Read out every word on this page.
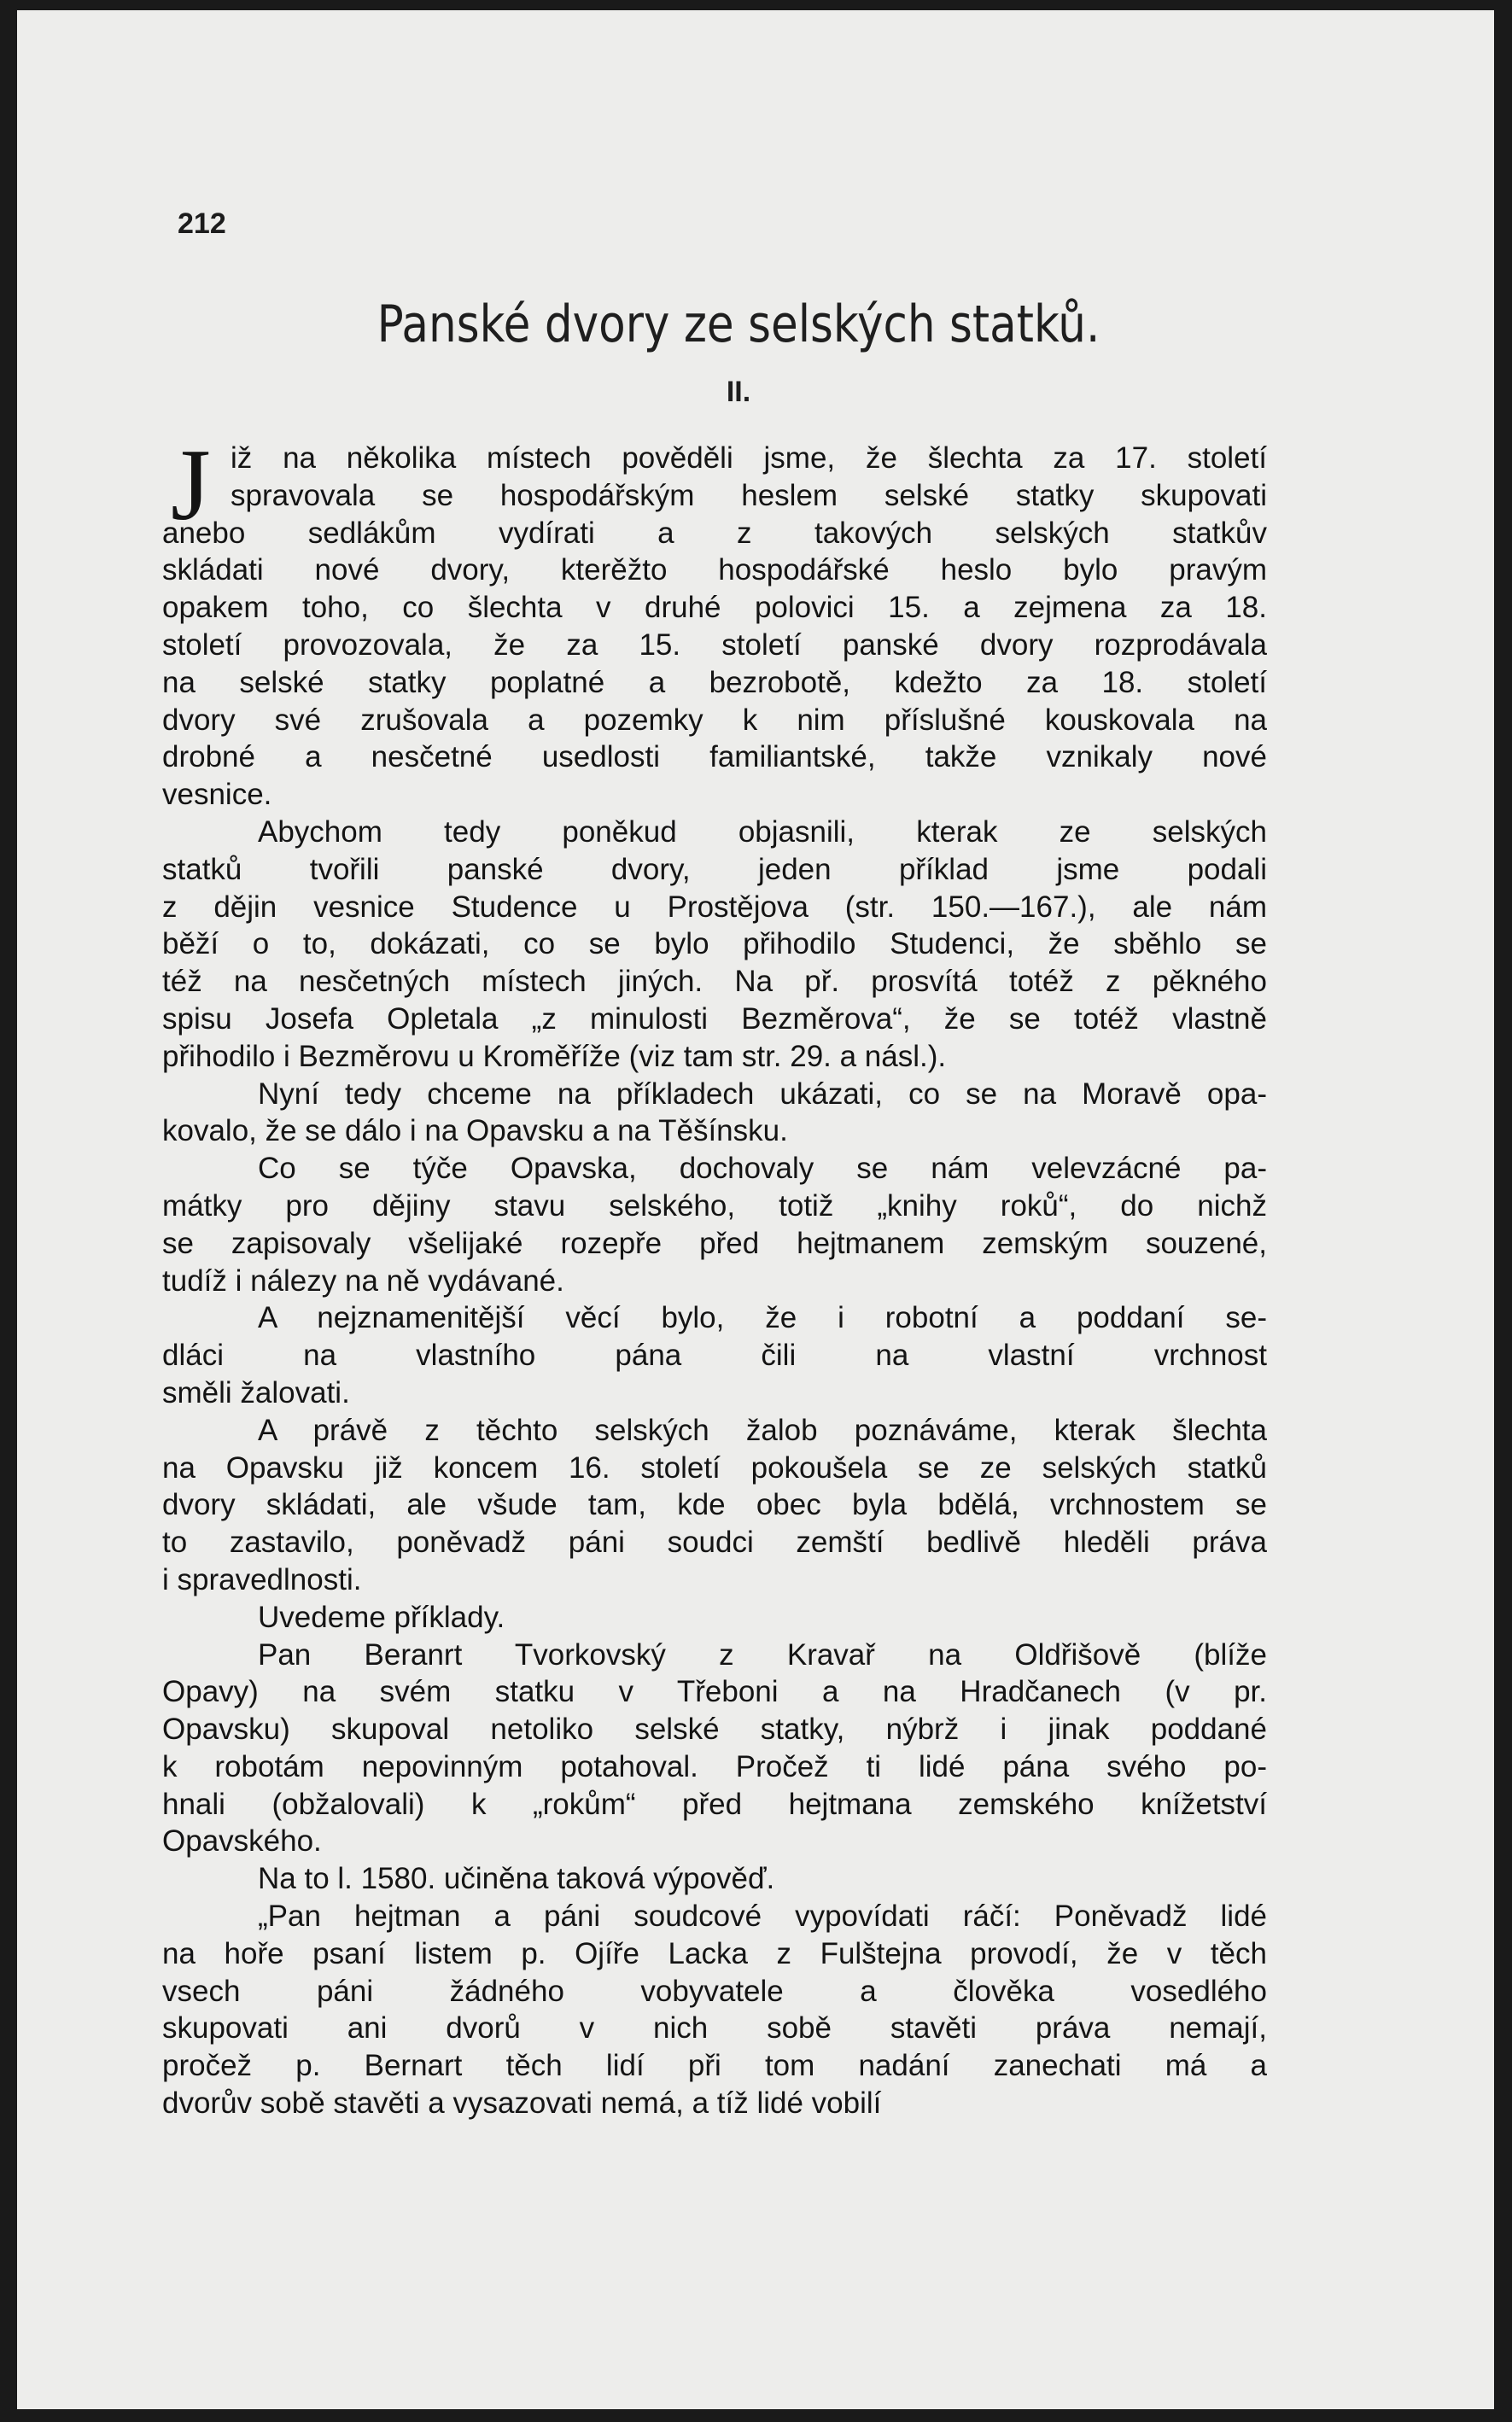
212
Panské dvory ze selských statků.
II.
J iž na několika místech pověděli jsme, že šlechta za 17. století
spravovala se hospodářským heslem selské statky skupovati
anebo sedlákům vydírati a z takových selských statkův
skládati nové dvory, kterěžto hospodářské heslo bylo pravým
opakem toho, co šlechta v druhé polovici 15. a zejmena za 18.
století provozovala, že za 15. století panské dvory rozprodávala
na selské statky poplatné a bezrobotě, kdežto za 18. století
dvory své zrušovala a pozemky k nim příslušné kouskovala na
drobné a nesčetné usedlosti familiantské, takže vznikaly nové
vesnice.
Abychom tedy poněkud objasnili, kterak ze selských
statků tvořili panské dvory, jeden příklad jsme podali
z dějin vesnice Studence u Prostějova (str. 150.—167.), ale nám
běží o to, dokázati, co se bylo přihodilo Studenci, že sběhlo se
též na nesčetných místech jiných. Na př. prosvítá totéž z pěkného
spisu Josefa Opletala „z minulosti Bezměrova“, že se totéž vlastně
přihodilo i Bezměrovu u Kroměříže (viz tam str. 29. a násl.).
Nyní tedy chceme na příkladech ukázati, co se na Moravě opa-
kovalo, že se dálo i na Opavsku a na Těšínsku.
Co se týče Opavska, dochovaly se nám velevzácné pa-
mátky pro dějiny stavu selského, totiž „knihy roků“, do nichž
se zapisovaly všelijaké rozepře před hejtmanem zemským souzené,
tudíž i nálezy na ně vydávané.
A nejznamenitější věcí bylo, že i robotní a poddaní se-
dláci na vlastního pána čili na vlastní vrchnost
směli žalovati.
A právě z těchto selských žalob poznáváme, kterak šlechta
na Opavsku již koncem 16. století pokoušela se ze selských statků
dvory skládati, ale všude tam, kde obec byla bdělá, vrchnostem se
to zastavilo, poněvadž páni soudci zemští bedlivě hleděli práva
i spravedlnosti.
Uvedeme příklady.
Pan Beranrt Tvorkovský z Kravař na Oldřišově (blíže
Opavy) na svém statku v Třeboni a na Hradčanech (v pr.
Opavsku) skupoval netoliko selské statky, nýbrž i jinak poddané
k robotám nepovinným potahoval. Pročež ti lidé pána svého po-
hnali (obžalovali) k „rokům“ před hejtmana zemského knížetství
Opavského.
Na to l. 1580. učiněna taková výpověď.
„Pan hejtman a páni soudcové vypovídati ráčí: Poněvadž lidé
na hoře psaní listem p. Ojíře Lacka z Fulštejna provodí, že v těch
vsech páni žádného vobyvatele a člověka vosedlého
skupovati ani dvorů v nich sobě stavěti práva nemají,
pročež p. Bernart těch lidí při tom nadání zanechati má a
dvorův sobě stavěti a vysazovati nemá, a tíž lidé vobilí
